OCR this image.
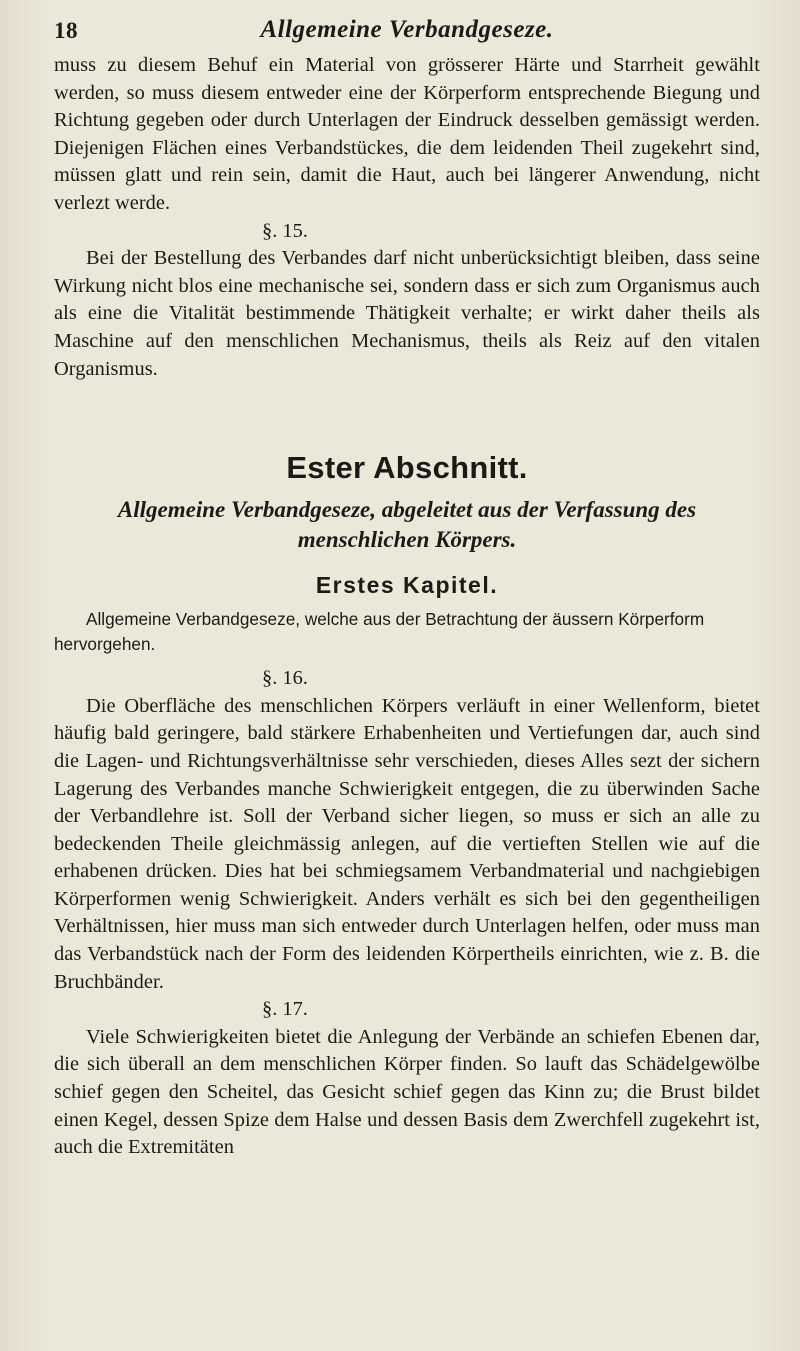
18	Allgemeine Verbandgeseze.

muss zu diesem Behuf ein Material von grösserer Härte und Starrheit gewählt werden, so muss diesem entweder eine der Körperform entsprechende Biegung und Richtung gegeben oder durch Unterlagen der Eindruck desselben gemässigt werden. Diejenigen Flächen eines Verbandstückes, die dem leidenden Theil zugekehrt sind, müssen glatt und rein sein, damit die Haut, auch bei längerer Anwendung, nicht verlezt werde.

§. 15.

Bei der Bestellung des Verbandes darf nicht unberücksichtigt bleiben, dass seine Wirkung nicht blos eine mechanische sei, sondern dass er sich zum Organismus auch als eine die Vitalität bestimmende Thätigkeit verhalte; er wirkt daher theils als Maschine auf den menschlichen Mechanismus, theils als Reiz auf den vitalen Organismus.

Ester Abschnitt.
Allgemeine Verbandgeseze, abgeleitet aus der Verfassung des menschlichen Körpers.
Erstes Kapitel.
Allgemeine Verbandgeseze, welche aus der Betrachtung der äussern Körperform
hervorgehen.
§. 16.

Die Oberfläche des menschlichen Körpers verläuft in einer Wellenform, bietet häufig bald geringere, bald stärkere Erhabenheiten und Vertiefungen dar, auch sind die Lagen- und Richtungsverhältnisse sehr verschieden, dieses Alles sezt der sichern Lagerung des Verbandes manche Schwierigkeit entgegen, die zu überwinden Sache der Verbandlehre ist. Soll der Verband sicher liegen, so muss er sich an alle zu bedeckenden Theile gleichmässig anlegen, auf die vertieften Stellen wie auf die erhabenen drücken. Dies hat bei schmiegsamem Verbandmaterial und nachgiebigen Körperformen wenig Schwierigkeit. Anders verhält es sich bei den gegentheiligen Verhältnissen, hier muss man sich entweder durch Unterlagen helfen, oder muss man das Verbandstück nach der Form des leidenden Körpertheils einrichten, wie z. B. die Bruchbänder.

§. 17.

Viele Schwierigkeiten bietet die Anlegung der Verbände an schiefen Ebenen dar, die sich überall an dem menschlichen Körper finden. So lauft das Schädelgewölbe schief gegen den Scheitel, das Gesicht schief gegen das Kinn zu; die Brust bildet einen Kegel, dessen Spize dem Halse und dessen Basis dem Zwerchfell zugekehrt ist, auch die Extremitäten
